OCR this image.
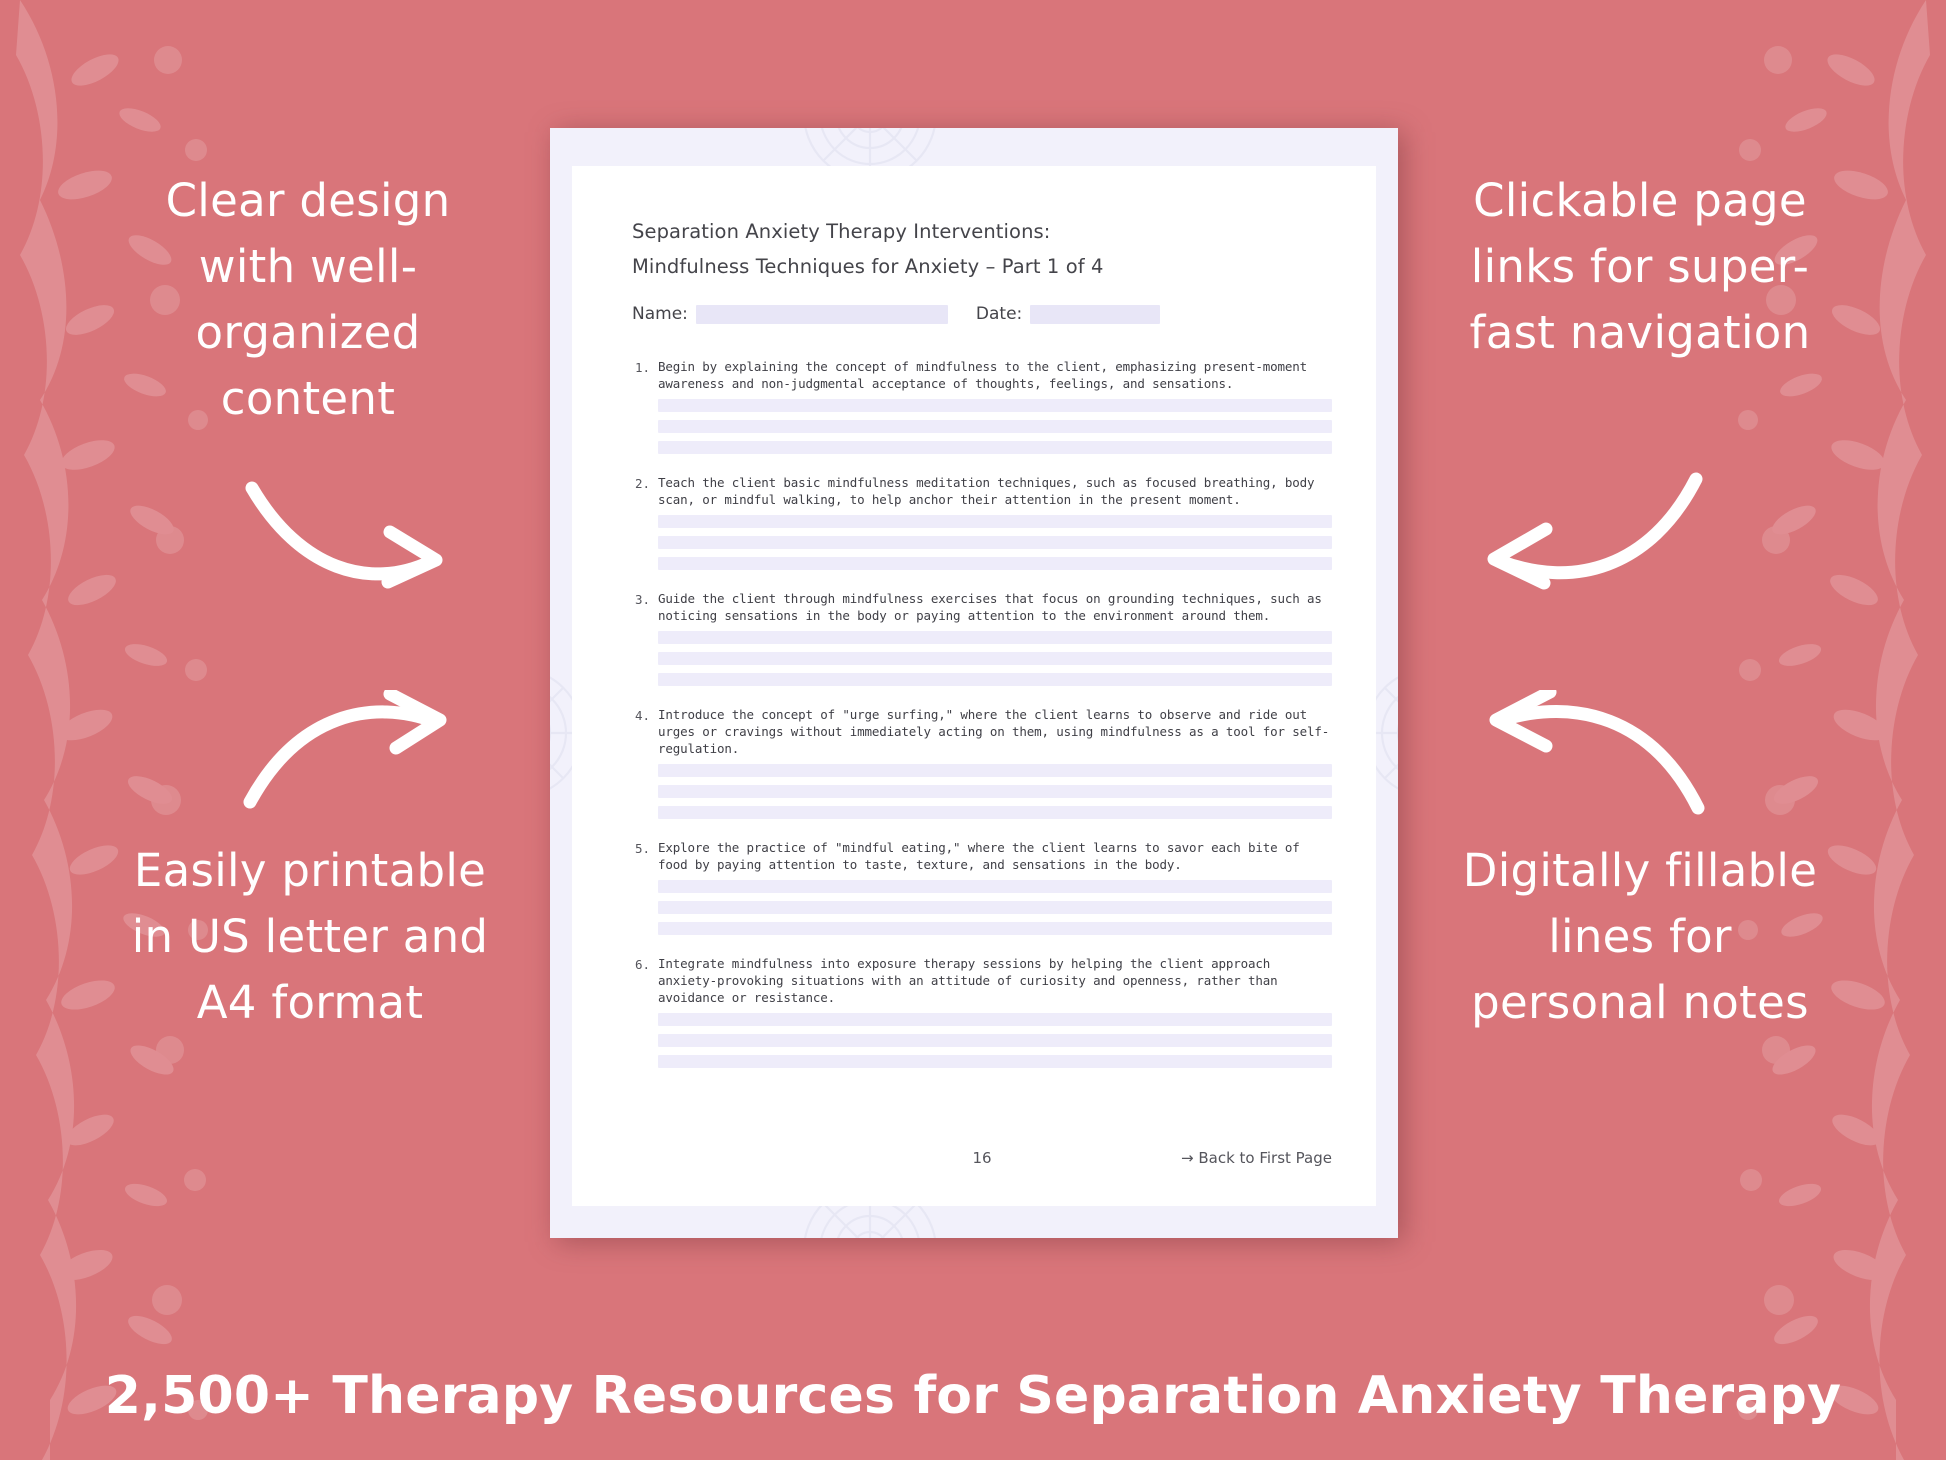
Clear design with well-organized content
Easily printable in US letter and A4 format
Clickable page links for super-fast navigation
Digitally fillable lines for personal notes
Separation Anxiety Therapy Interventions:
Mindfulness Techniques for Anxiety – Part 1 of 4
Name:	Date:
1. Begin by explaining the concept of mindfulness to the client, emphasizing present-moment awareness and non-judgmental acceptance of thoughts, feelings, and sensations.
2. Teach the client basic mindfulness meditation techniques, such as focused breathing, body scan, or mindful walking, to help anchor their attention in the present moment.
3. Guide the client through mindfulness exercises that focus on grounding techniques, such as noticing sensations in the body or paying attention to the environment around them.
4. Introduce the concept of "urge surfing," where the client learns to observe and ride out urges or cravings without immediately acting on them, using mindfulness as a tool for self-regulation.
5. Explore the practice of "mindful eating," where the client learns to savor each bite of food by paying attention to taste, texture, and sensations in the body.
6. Integrate mindfulness into exposure therapy sessions by helping the client approach anxiety-provoking situations with an attitude of curiosity and openness, rather than avoidance or resistance.
16	→ Back to First Page
2,500+ Therapy Resources for Separation Anxiety Therapy
